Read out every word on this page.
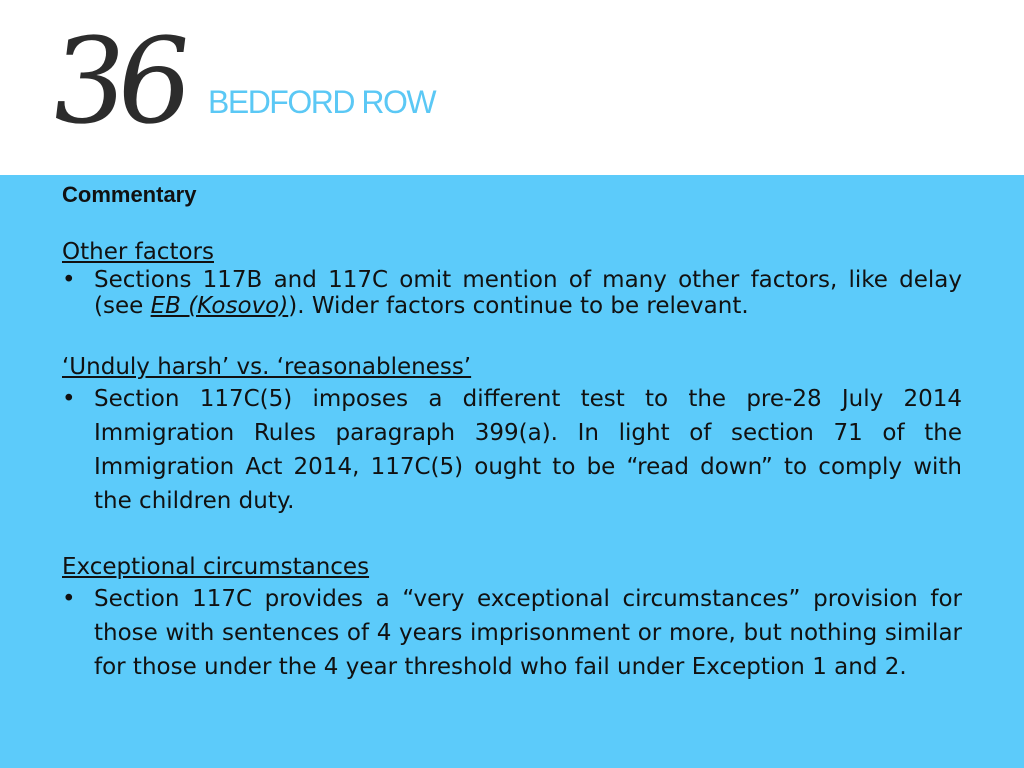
36 BEDFORD ROW

Commentary

Other factors

• Sections 117B and 117C omit mention of many other factors, like delay (see EB (Kosovo)). Wider factors continue to be relevant.

‘Unduly harsh’ vs. ‘reasonableness’

• Section 117C(5) imposes a different test to the pre-28 July 2014 Immigration Rules paragraph 399(a). In light of section 71 of the Immigration Act 2014, 117C(5) ought to be “read down” to comply with the children duty.

Exceptional circumstances

• Section 117C provides a “very exceptional circumstances” provision for those with sentences of 4 years imprisonment or more, but nothing similar for those under the 4 year threshold who fail under Exception 1 and 2.
